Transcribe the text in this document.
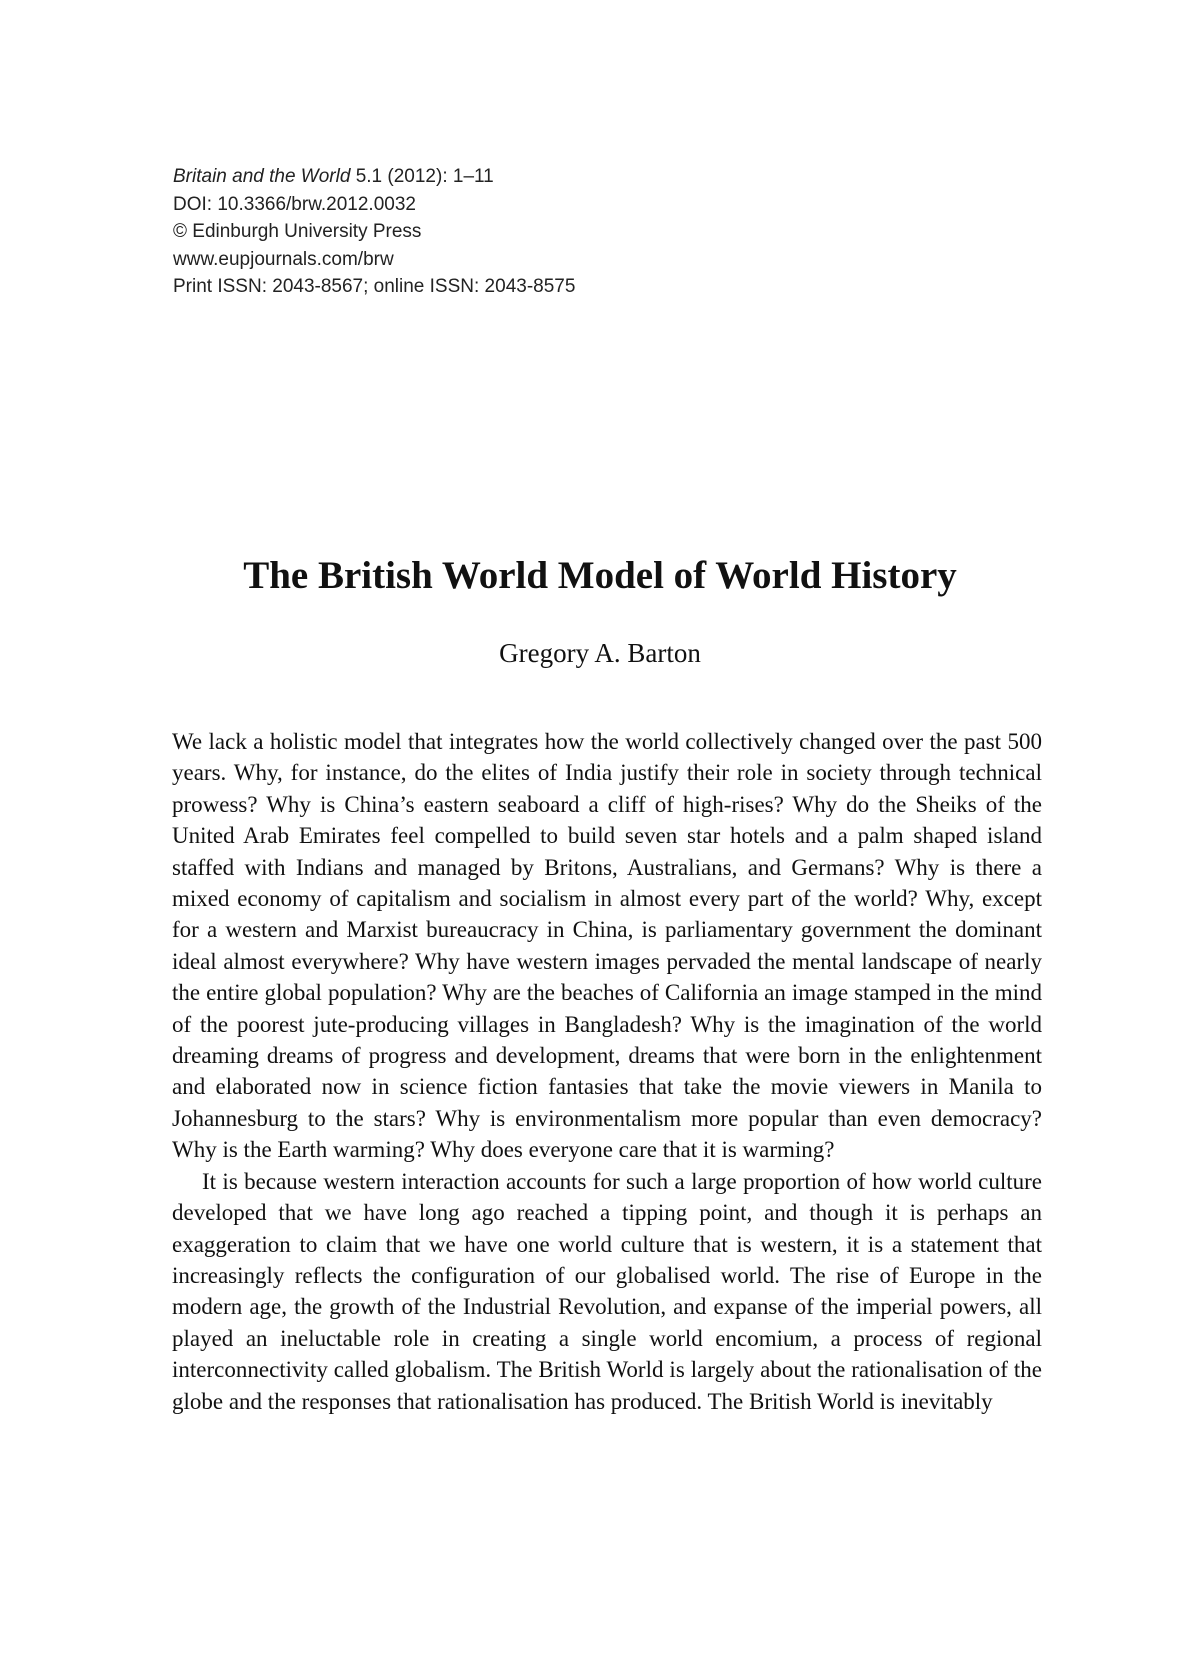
Britain and the World 5.1 (2012): 1–11
DOI: 10.3366/brw.2012.0032
© Edinburgh University Press
www.eupjournals.com/brw
Print ISSN: 2043-8567; online ISSN: 2043-8575
The British World Model of World History
Gregory A. Barton

We lack a holistic model that integrates how the world collectively changed over the past 500 years. Why, for instance, do the elites of India justify their role in society through technical prowess? Why is China’s eastern seaboard a cliff of high-rises? Why do the Sheiks of the United Arab Emirates feel compelled to build seven star hotels and a palm shaped island staffed with Indians and managed by Britons, Australians, and Germans? Why is there a mixed economy of capitalism and socialism in almost every part of the world? Why, except for a western and Marxist bureaucracy in China, is parliamentary government the dominant ideal almost everywhere? Why have western images pervaded the mental landscape of nearly the entire global population? Why are the beaches of California an image stamped in the mind of the poorest jute-producing villages in Bangladesh? Why is the imagination of the world dreaming dreams of progress and development, dreams that were born in the enlightenment and elaborated now in science fiction fantasies that take the movie viewers in Manila to Johannesburg to the stars? Why is environmentalism more popular than even democracy? Why is the Earth warming? Why does everyone care that it is warming?

It is because western interaction accounts for such a large proportion of how world culture developed that we have long ago reached a tipping point, and though it is perhaps an exaggeration to claim that we have one world culture that is western, it is a statement that increasingly reflects the configuration of our globalised world. The rise of Europe in the modern age, the growth of the Industrial Revolution, and expanse of the imperial powers, all played an ineluctable role in creating a single world encomium, a process of regional interconnectivity called globalism. The British World is largely about the rationalisation of the globe and the responses that rationalisation has produced. The British World is inevitably
